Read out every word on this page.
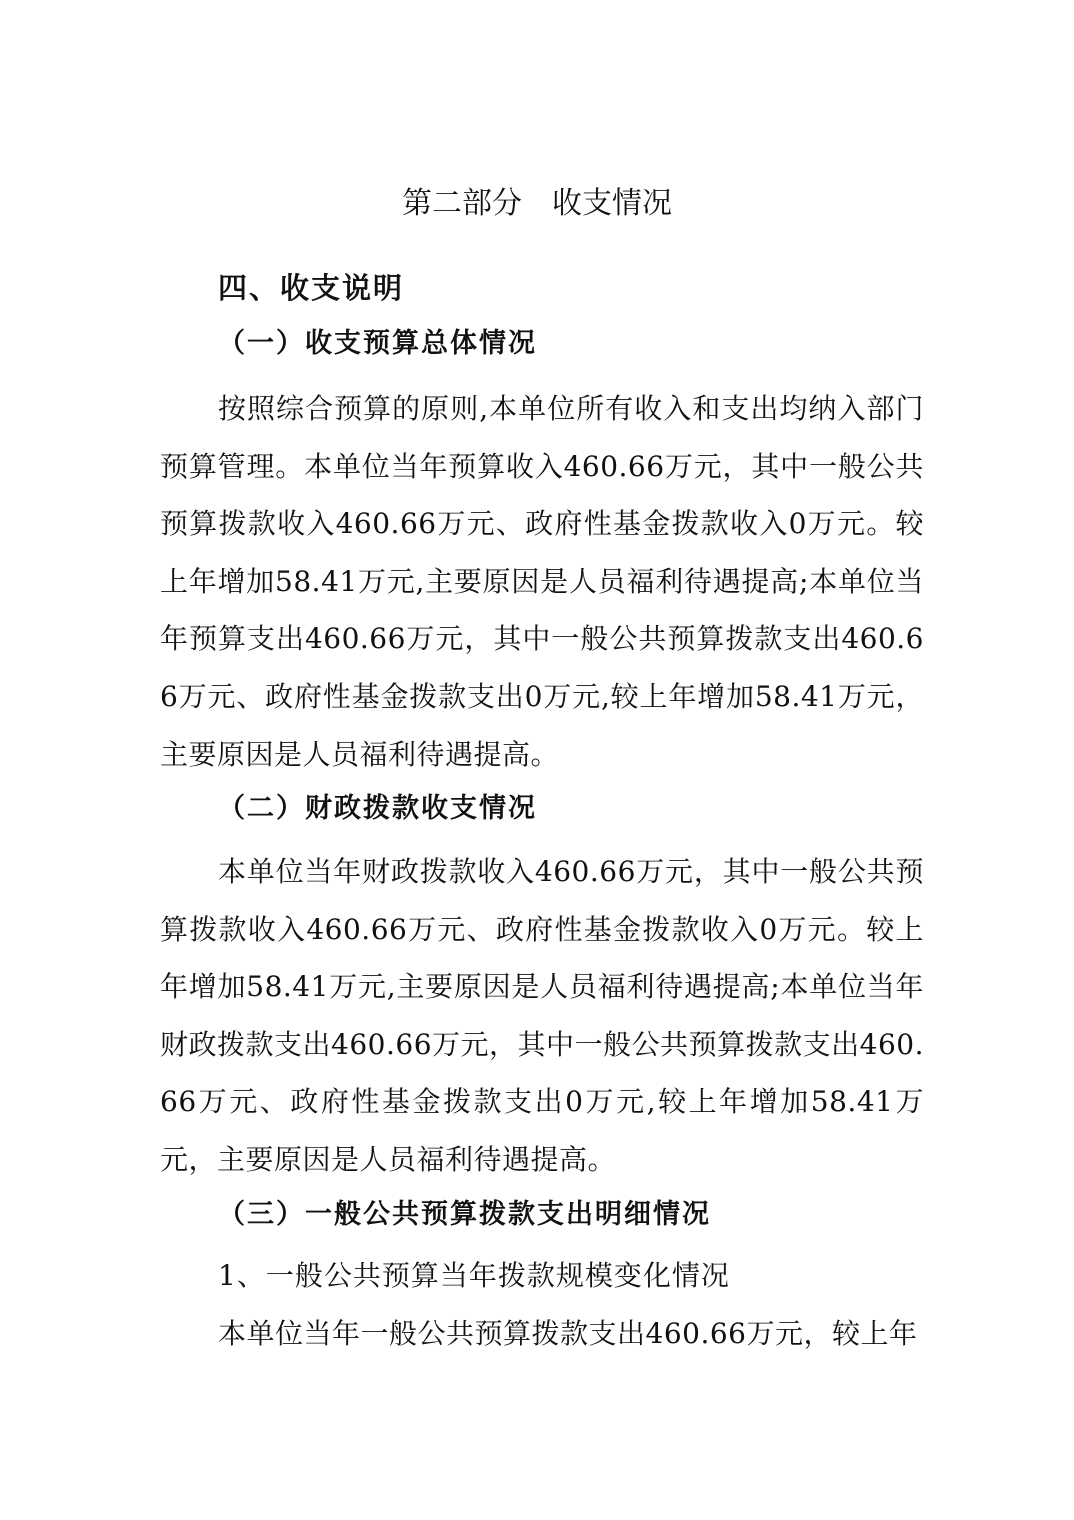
第二部分　收支情况
四、收支说明
（一）收支预算总体情况

按照综合预算的原则,本单位所有收入和支出均纳入部门预算管理。本单位当年预算收入460.66万元，其中一般公共预算拨款收入460.66万元、政府性基金拨款收入0万元。较上年增加58.41万元,主要原因是人员福利待遇提高;本单位当年预算支出460.66万元，其中一般公共预算拨款支出460.66万元、政府性基金拨款支出0万元,较上年增加58.41万元，主要原因是人员福利待遇提高。

（二）财政拨款收支情况

本单位当年财政拨款收入460.66万元，其中一般公共预算拨款收入460.66万元、政府性基金拨款收入0万元。较上年增加58.41万元,主要原因是人员福利待遇提高;本单位当年财政拨款支出460.66万元，其中一般公共预算拨款支出460.66万元、政府性基金拨款支出0万元,较上年增加58.41万元，主要原因是人员福利待遇提高。

（三）一般公共预算拨款支出明细情况

1、一般公共预算当年拨款规模变化情况

本单位当年一般公共预算拨款支出460.66万元，较上年
